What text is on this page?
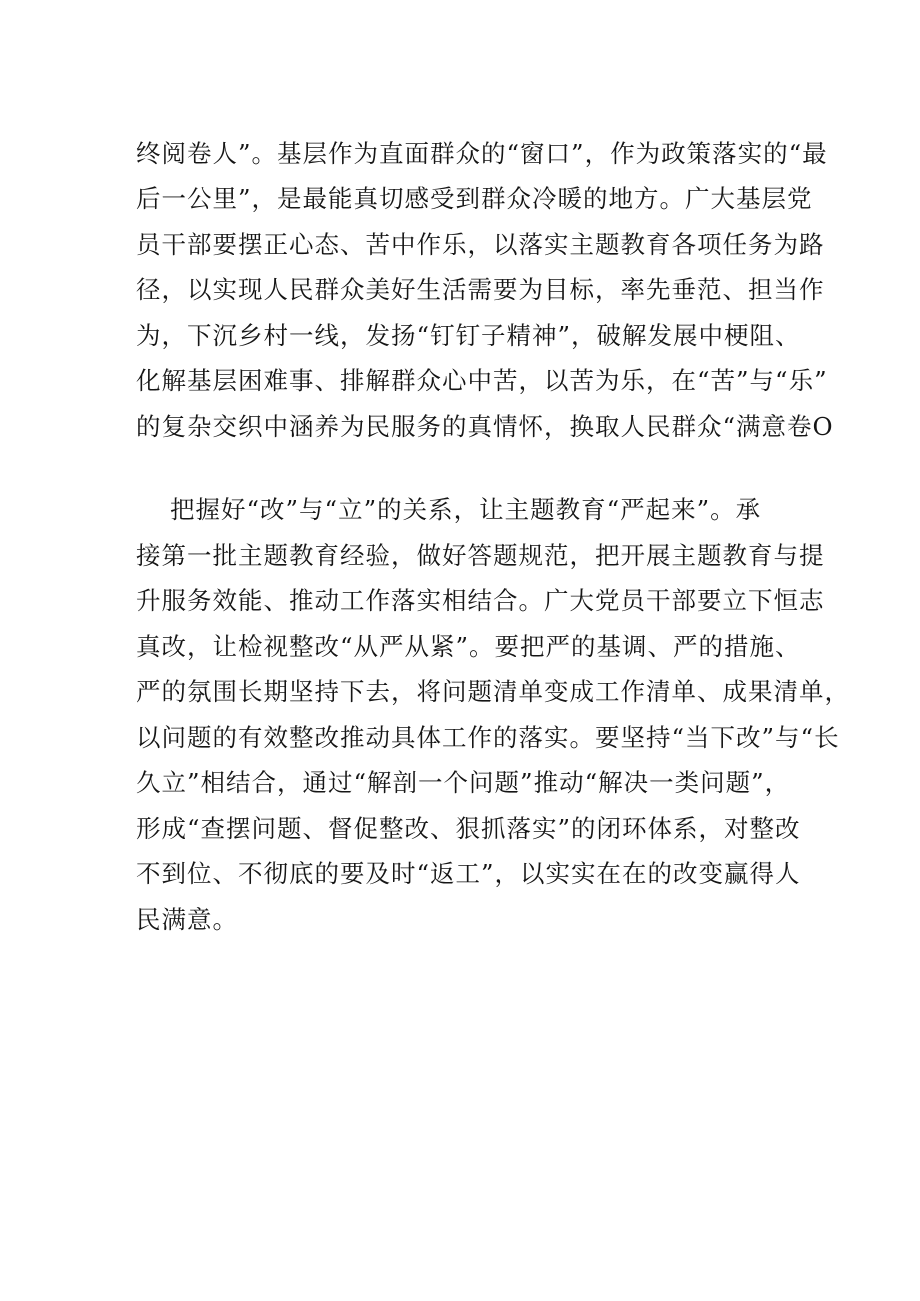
终阅卷人”。基层作为直面群众的“窗口”，作为政策落实的“最
后一公里”，是最能真切感受到群众冷暖的地方。广大基层党
员干部要摆正心态、苦中作乐，以落实主题教育各项任务为路
径，以实现人民群众美好生活需要为目标，率先垂范、担当作
为，下沉乡村一线，发扬“钉钉子精神”，破解发展中梗阻、
化解基层困难事、排解群众心中苦，以苦为乐，在“苦”与“乐”
的复杂交织中涵养为民服务的真情怀，换取人民群众“满意卷O
把握好“改”与“立”的关系，让主题教育“严起来”。承
接第一批主题教育经验，做好答题规范，把开展主题教育与提
升服务效能、推动工作落实相结合。广大党员干部要立下恒志
真改，让检视整改“从严从紧”。要把严的基调、严的措施、
严的氛围长期坚持下去，将问题清单变成工作清单、成果清单，
以问题的有效整改推动具体工作的落实。要坚持“当下改”与“长
久立”相结合，通过“解剖一个问题”推动“解决一类问题”，
形成“查摆问题、督促整改、狠抓落实”的闭环体系，对整改
不到位、不彻底的要及时“返工”，以实实在在的改变赢得人
民满意。
